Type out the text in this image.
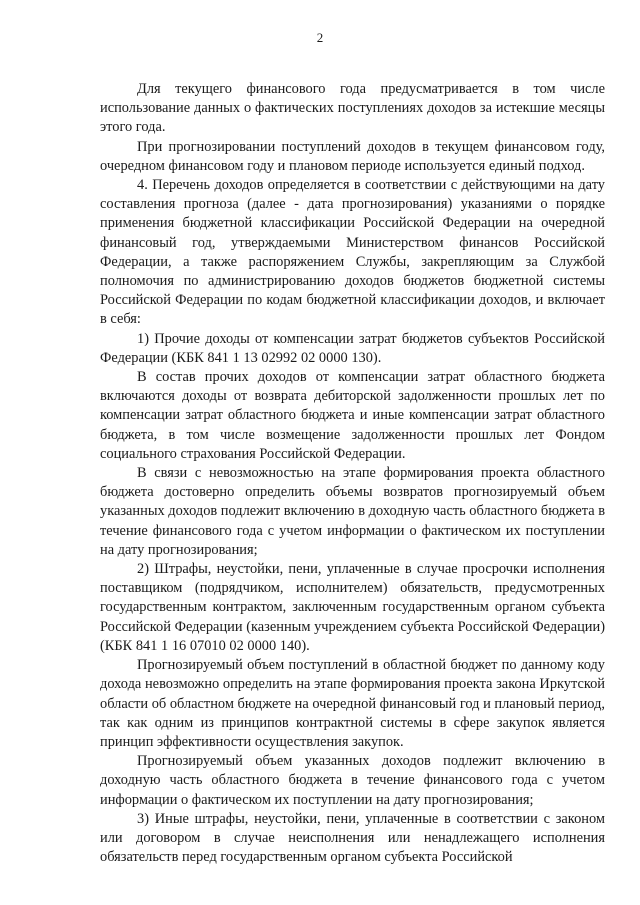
2

Для текущего финансового года предусматривается в том числе использование данных о фактических поступлениях доходов за истекшие месяцы этого года.

При прогнозировании поступлений доходов в текущем финансовом году, очередном финансовом году и плановом периоде используется единый подход.

4. Перечень доходов определяется в соответствии с действующими на дату составления прогноза (далее - дата прогнозирования) указаниями о порядке применения бюджетной классификации Российской Федерации на очередной финансовый год, утверждаемыми Министерством финансов Российской Федерации, а также распоряжением Службы, закрепляющим за Службой полномочия по администрированию доходов бюджетов бюджетной системы Российской Федерации по кодам бюджетной классификации доходов, и включает в себя:

1) Прочие доходы от компенсации затрат бюджетов субъектов Российской Федерации (КБК 841 1 13 02992 02 0000 130).

В состав прочих доходов от компенсации затрат областного бюджета включаются доходы от возврата дебиторской задолженности прошлых лет по компенсации затрат областного бюджета и иные компенсации затрат областного бюджета, в том числе возмещение задолженности прошлых лет Фондом социального страхования Российской Федерации.

В связи с невозможностью на этапе формирования проекта областного бюджета достоверно определить объемы возвратов прогнозируемый объем указанных доходов подлежит включению в доходную часть областного бюджета в течение финансового года с учетом информации о фактическом их поступлении на дату прогнозирования;

2) Штрафы, неустойки, пени, уплаченные в случае просрочки исполнения поставщиком (подрядчиком, исполнителем) обязательств, предусмотренных государственным контрактом, заключенным государственным органом субъекта Российской Федерации (казенным учреждением субъекта Российской Федерации) (КБК 841 1 16 07010 02 0000 140).

Прогнозируемый объем поступлений в областной бюджет по данному коду дохода невозможно определить на этапе формирования проекта закона Иркутской области об областном бюджете на очередной финансовый год и плановый период, так как одним из принципов контрактной системы в сфере закупок является принцип эффективности осуществления закупок.

Прогнозируемый объем указанных доходов подлежит включению в доходную часть областного бюджета в течение финансового года с учетом информации о фактическом их поступлении на дату прогнозирования;

3) Иные штрафы, неустойки, пени, уплаченные в соответствии с законом или договором в случае неисполнения или ненадлежащего исполнения обязательств перед государственным органом субъекта Российской
